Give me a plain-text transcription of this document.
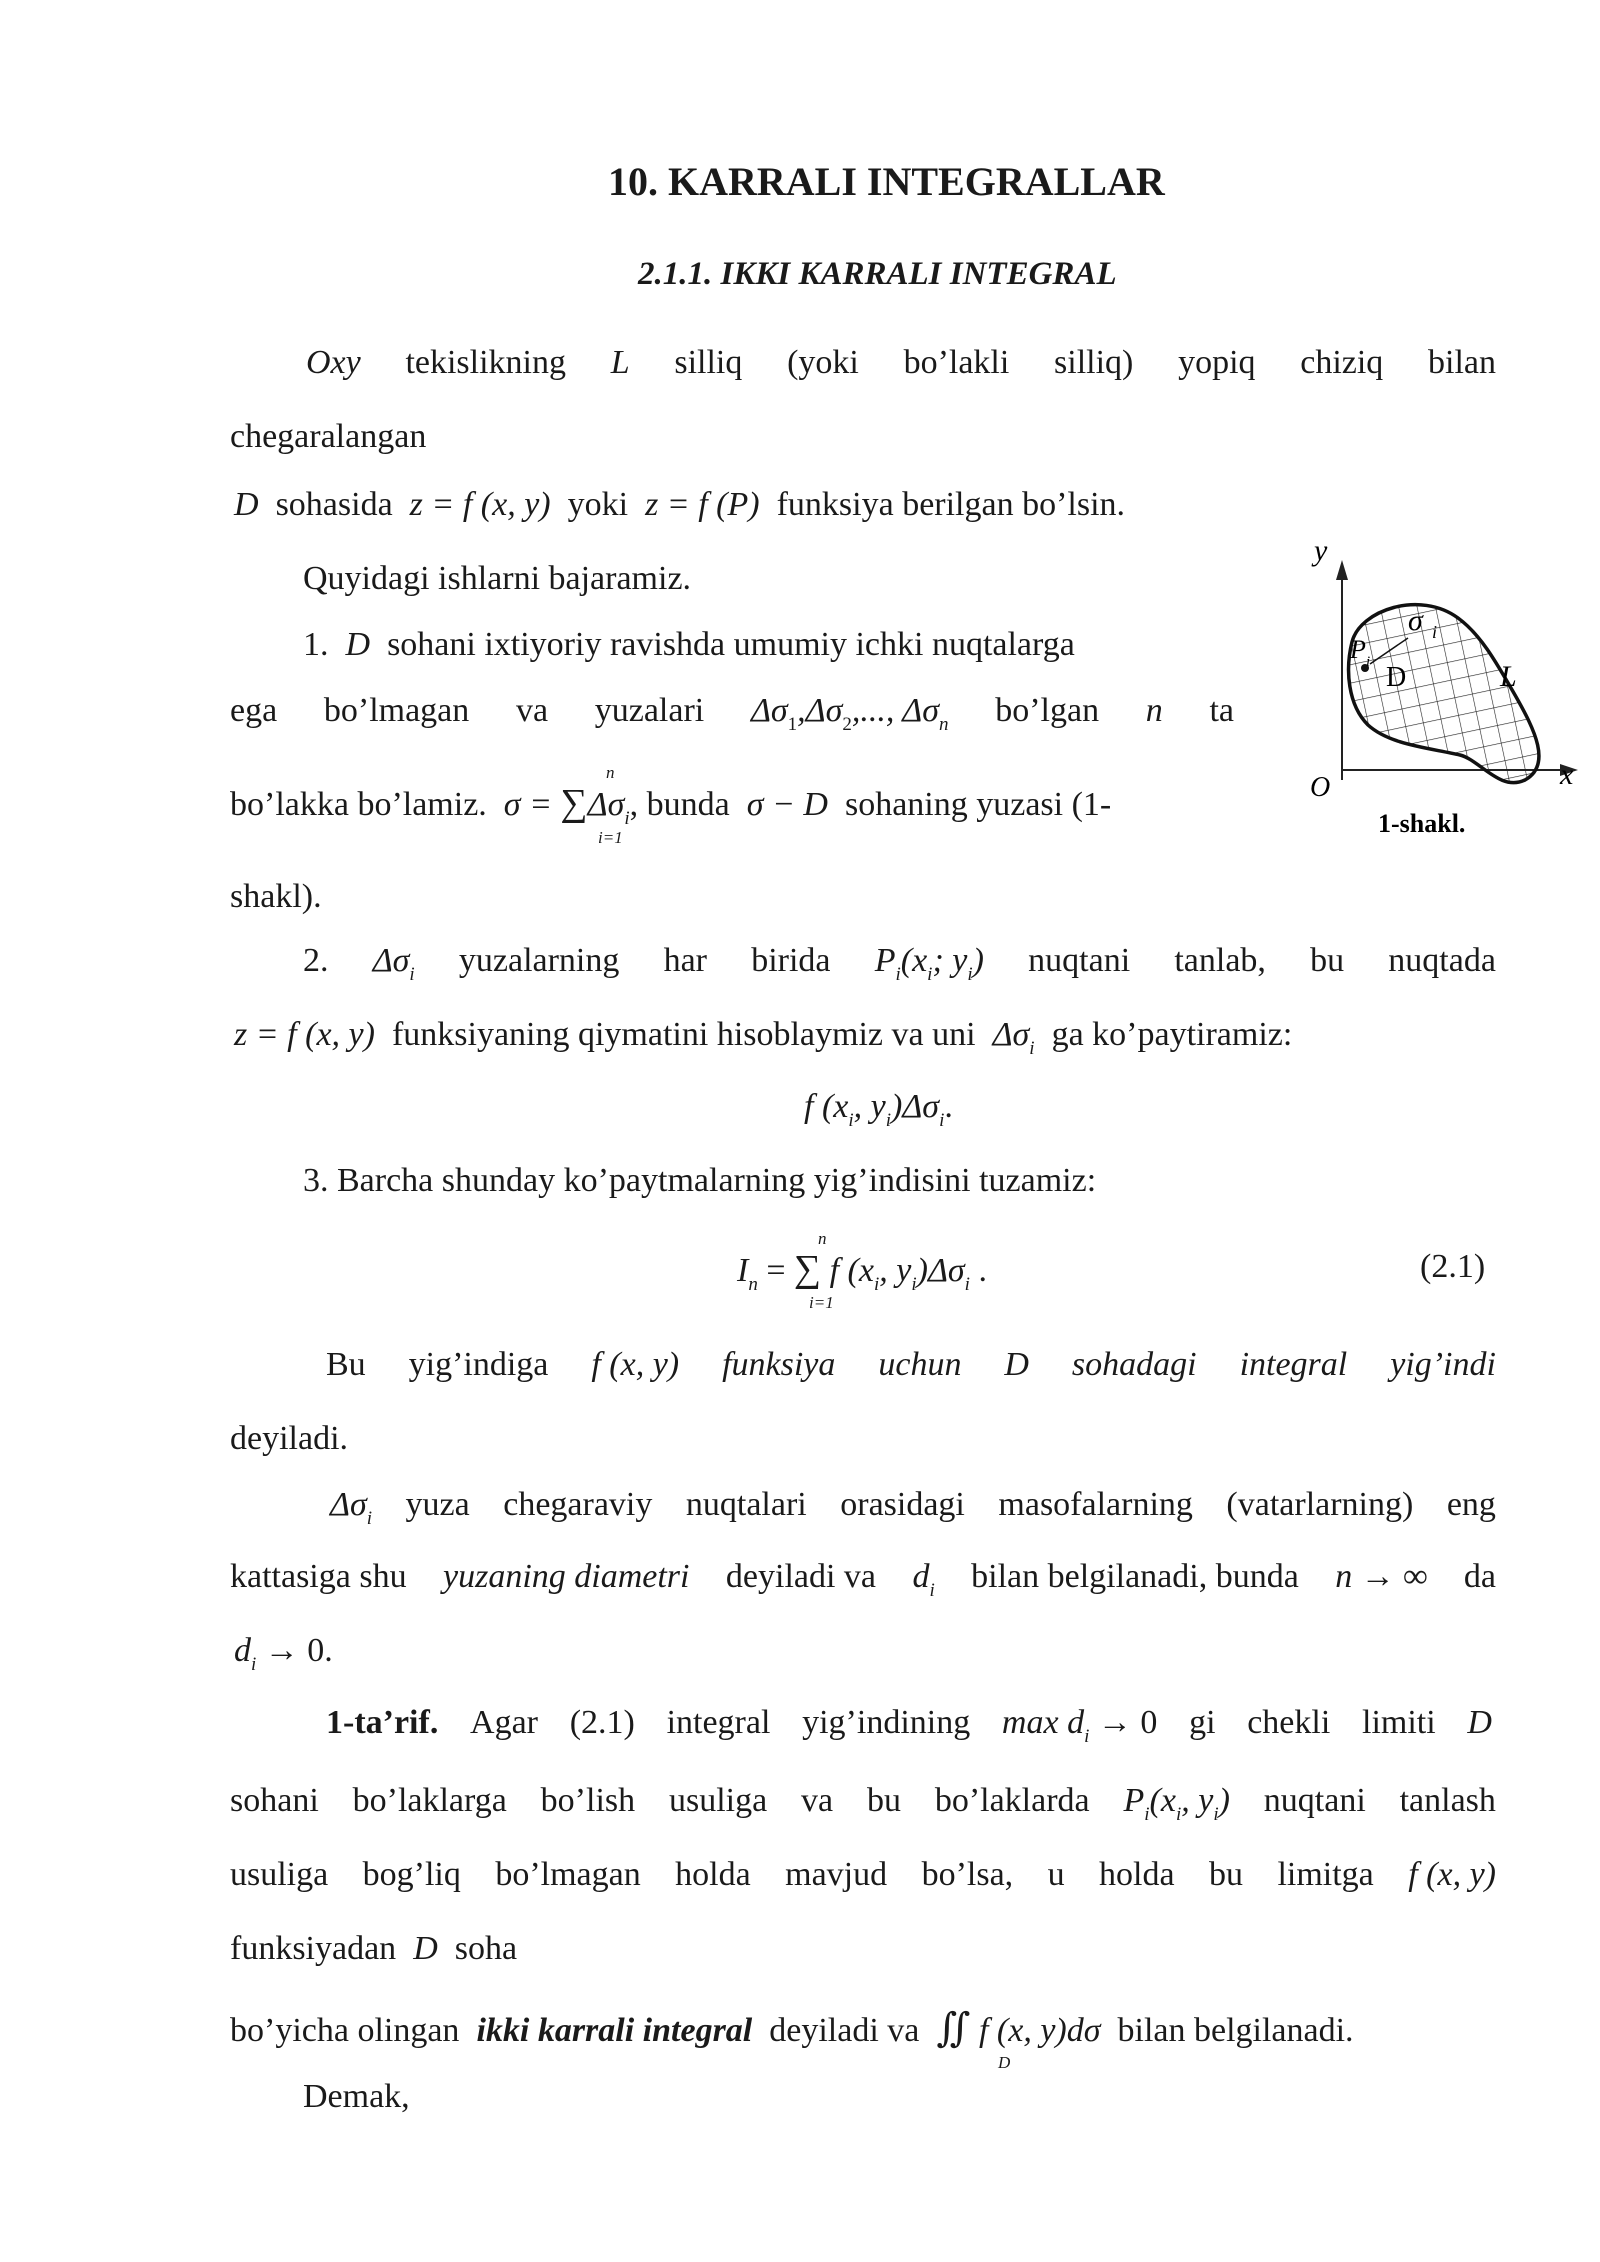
10. KARRALI INTEGRALLAR
2.1.1. IKKI KARRALI INTEGRAL
Oxy tekislikning L silliq (yoki bo’lakli silliq) yopiq chiziq bilan
chegaralangan
D sohasida z = f (x, y) yoki z = f (P) funksiya berilgan bo’lsin.
Quyidagi ishlarni bajaramiz.
1. D sohani ixtiyoriy ravishda umumiy ichki nuqtalarga
ega bo’lmagan va yuzalari $\Delta\sigma_1,\Delta\sigma_2$,..., $\Delta\sigma_n$ bo’lgan n ta
bo’lakka bo’lamiz. $\sigma = \sum\Delta\sigma_i$, bunda σ − D sohaning yuzasi (1-
n
i=1
shakl).
2. $\Delta\sigma_i$ yuzalarning har birida $P_i(x_i$; $y_i$) nuqtani tanlab, bu nuqtada
z = f (x, y) funksiyaning qiymatini hisoblaymiz va uni $\Delta\sigma_i$ ga ko’paytiramiz:
f ($x_i$, $y_i)\Delta\sigma_i$.
3. Barcha shunday ko’paytmalarning yig’indisini tuzamiz:
$I_n$ = ∑ f ($x_i$, $y_i)\Delta\sigma_i$ .
n
i=1
(2.1)
Bu yig’indiga f (x, y) funksiya uchun D sohadagi integral yig’indi
deyiladi.
$\Delta\sigma_i$ yuza chegaraviy nuqtalari orasidagi masofalarning (vatarlarning) eng
kattasiga shu yuzaning diametri deyiladi va $d_i$ bilan belgilanadi, bunda n → ∞ da
$d_i \to 0$.
1-ta’rif. Agar (2.1) integral yig’indining $\max d_i \to 0$ gi chekli limiti D
sohani bo’laklarga bo’lish usuliga va bu bo’laklarda $P_i(x_i$, $y_i$) nuqtani tanlash
usuliga bog’liq bo’lmagan holda mavjud bo’lsa, u holda bu limitga f (x, y)
funksiyadan D soha
bo’yicha olingan ikki karrali integral deyiladi va ∬ f (x, y)dσ bilan belgilanadi.
D
Demak,
y
x
O
σ i
P i D	L
1-shakl.
